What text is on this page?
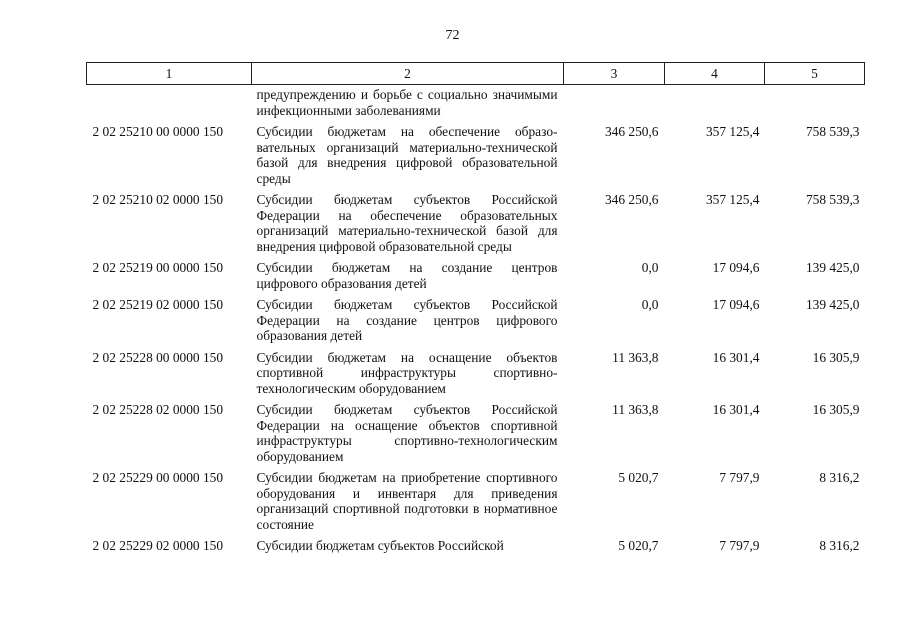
72
1	2	3	4	5
	предупреждению и борьбе с социально значимыми инфекционными заболеваниями			
2 02 25210 00 0000 150	Субсидии бюджетам на обеспечение образовательных организаций материально-технической базой для внедрения цифровой образовательной среды	346 250,6	357 125,4	758 539,3
2 02 25210 02 0000 150	Субсидии бюджетам субъектов Российской Федерации на обеспечение образовательных организаций материально-технической базой для внедрения цифровой образовательной среды	346 250,6	357 125,4	758 539,3
2 02 25219 00 0000 150	Субсидии бюджетам на создание центров цифрового образования детей	0,0	17 094,6	139 425,0
2 02 25219 02 0000 150	Субсидии бюджетам субъектов Российской Федерации на создание центров цифрового образования детей	0,0	17 094,6	139 425,0
2 02 25228 00 0000 150	Субсидии бюджетам на оснащение объектов спортивной инфраструктуры спортивно-технологическим оборудованием	11 363,8	16 301,4	16 305,9
2 02 25228 02 0000 150	Субсидии бюджетам субъектов Российской Федерации на оснащение объектов спортивной инфраструктуры спортивно-технологическим оборудованием	11 363,8	16 301,4	16 305,9
2 02 25229 00 0000 150	Субсидии бюджетам на приобретение спортивного оборудования и инвентаря для приведения организаций спортивной подготовки в нормативное состояние	5 020,7	7 797,9	8 316,2
2 02 25229 02 0000 150	Субсидии бюджетам субъектов Российской	5 020,7	7 797,9	8 316,2
